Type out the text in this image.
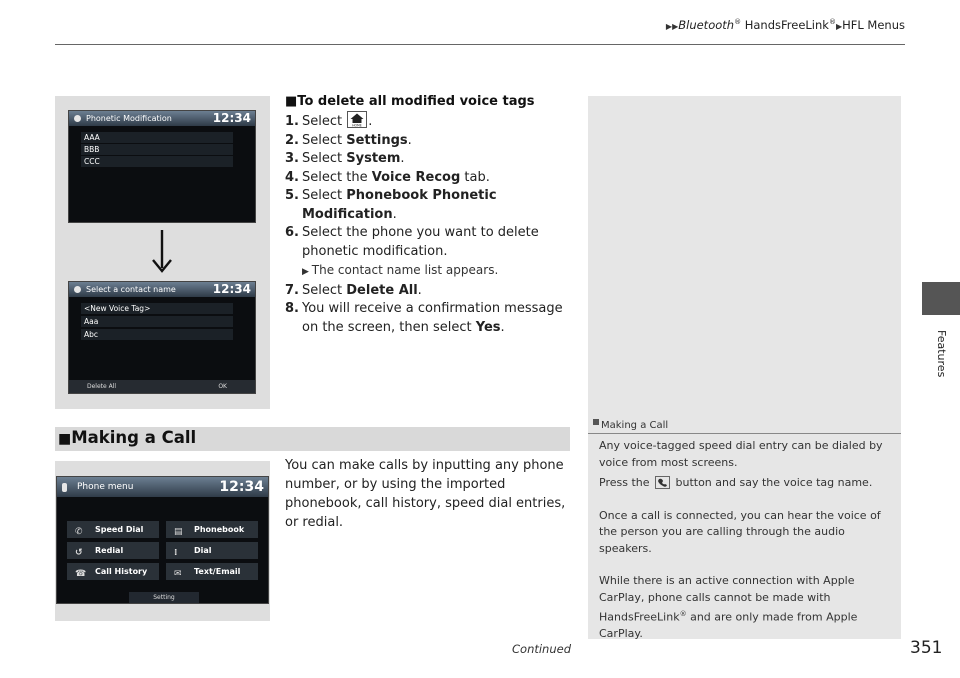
▶▶Bluetooth® HandsFreeLink®▶HFL Menus
Features
Phonetic Modification	12:34
AAA
BBB
CCC
Select a contact name	12:34
<New Voice Tag>
Aaa
Abc
Delete All	OK
■To delete all modified voice tags
1. Select HOME .
2. Select Settings.
3. Select System.
4. Select the Voice Recog tab.
5. Select Phonebook Phonetic Modification.
6. Select the phone you want to delete phonetic modification.
▶ The contact name list appears.
7. Select Delete All.
8. You will receive a confirmation message on the screen, then select Yes.
Making a Call

Any voice-tagged speed dial entry can be dialed by voice from most screens.

Press the  button and say the voice tag name.

Once a call is connected, you can hear the voice of the person you are calling through the audio speakers.

While there is an active connection with Apple CarPlay, phone calls cannot be made with HandsFreeLink® and are only made from Apple CarPlay.

■Making a Call
You can make calls by inputting any phone number, or by using the imported phonebook, call history, speed dial entries, or redial.
Phone menu	12:34
✆ Speed Dial	▤ Phonebook
↺ Redial	⁞ Dial
☎ Call History	✉ Text/Email
Setting
Continued	351
